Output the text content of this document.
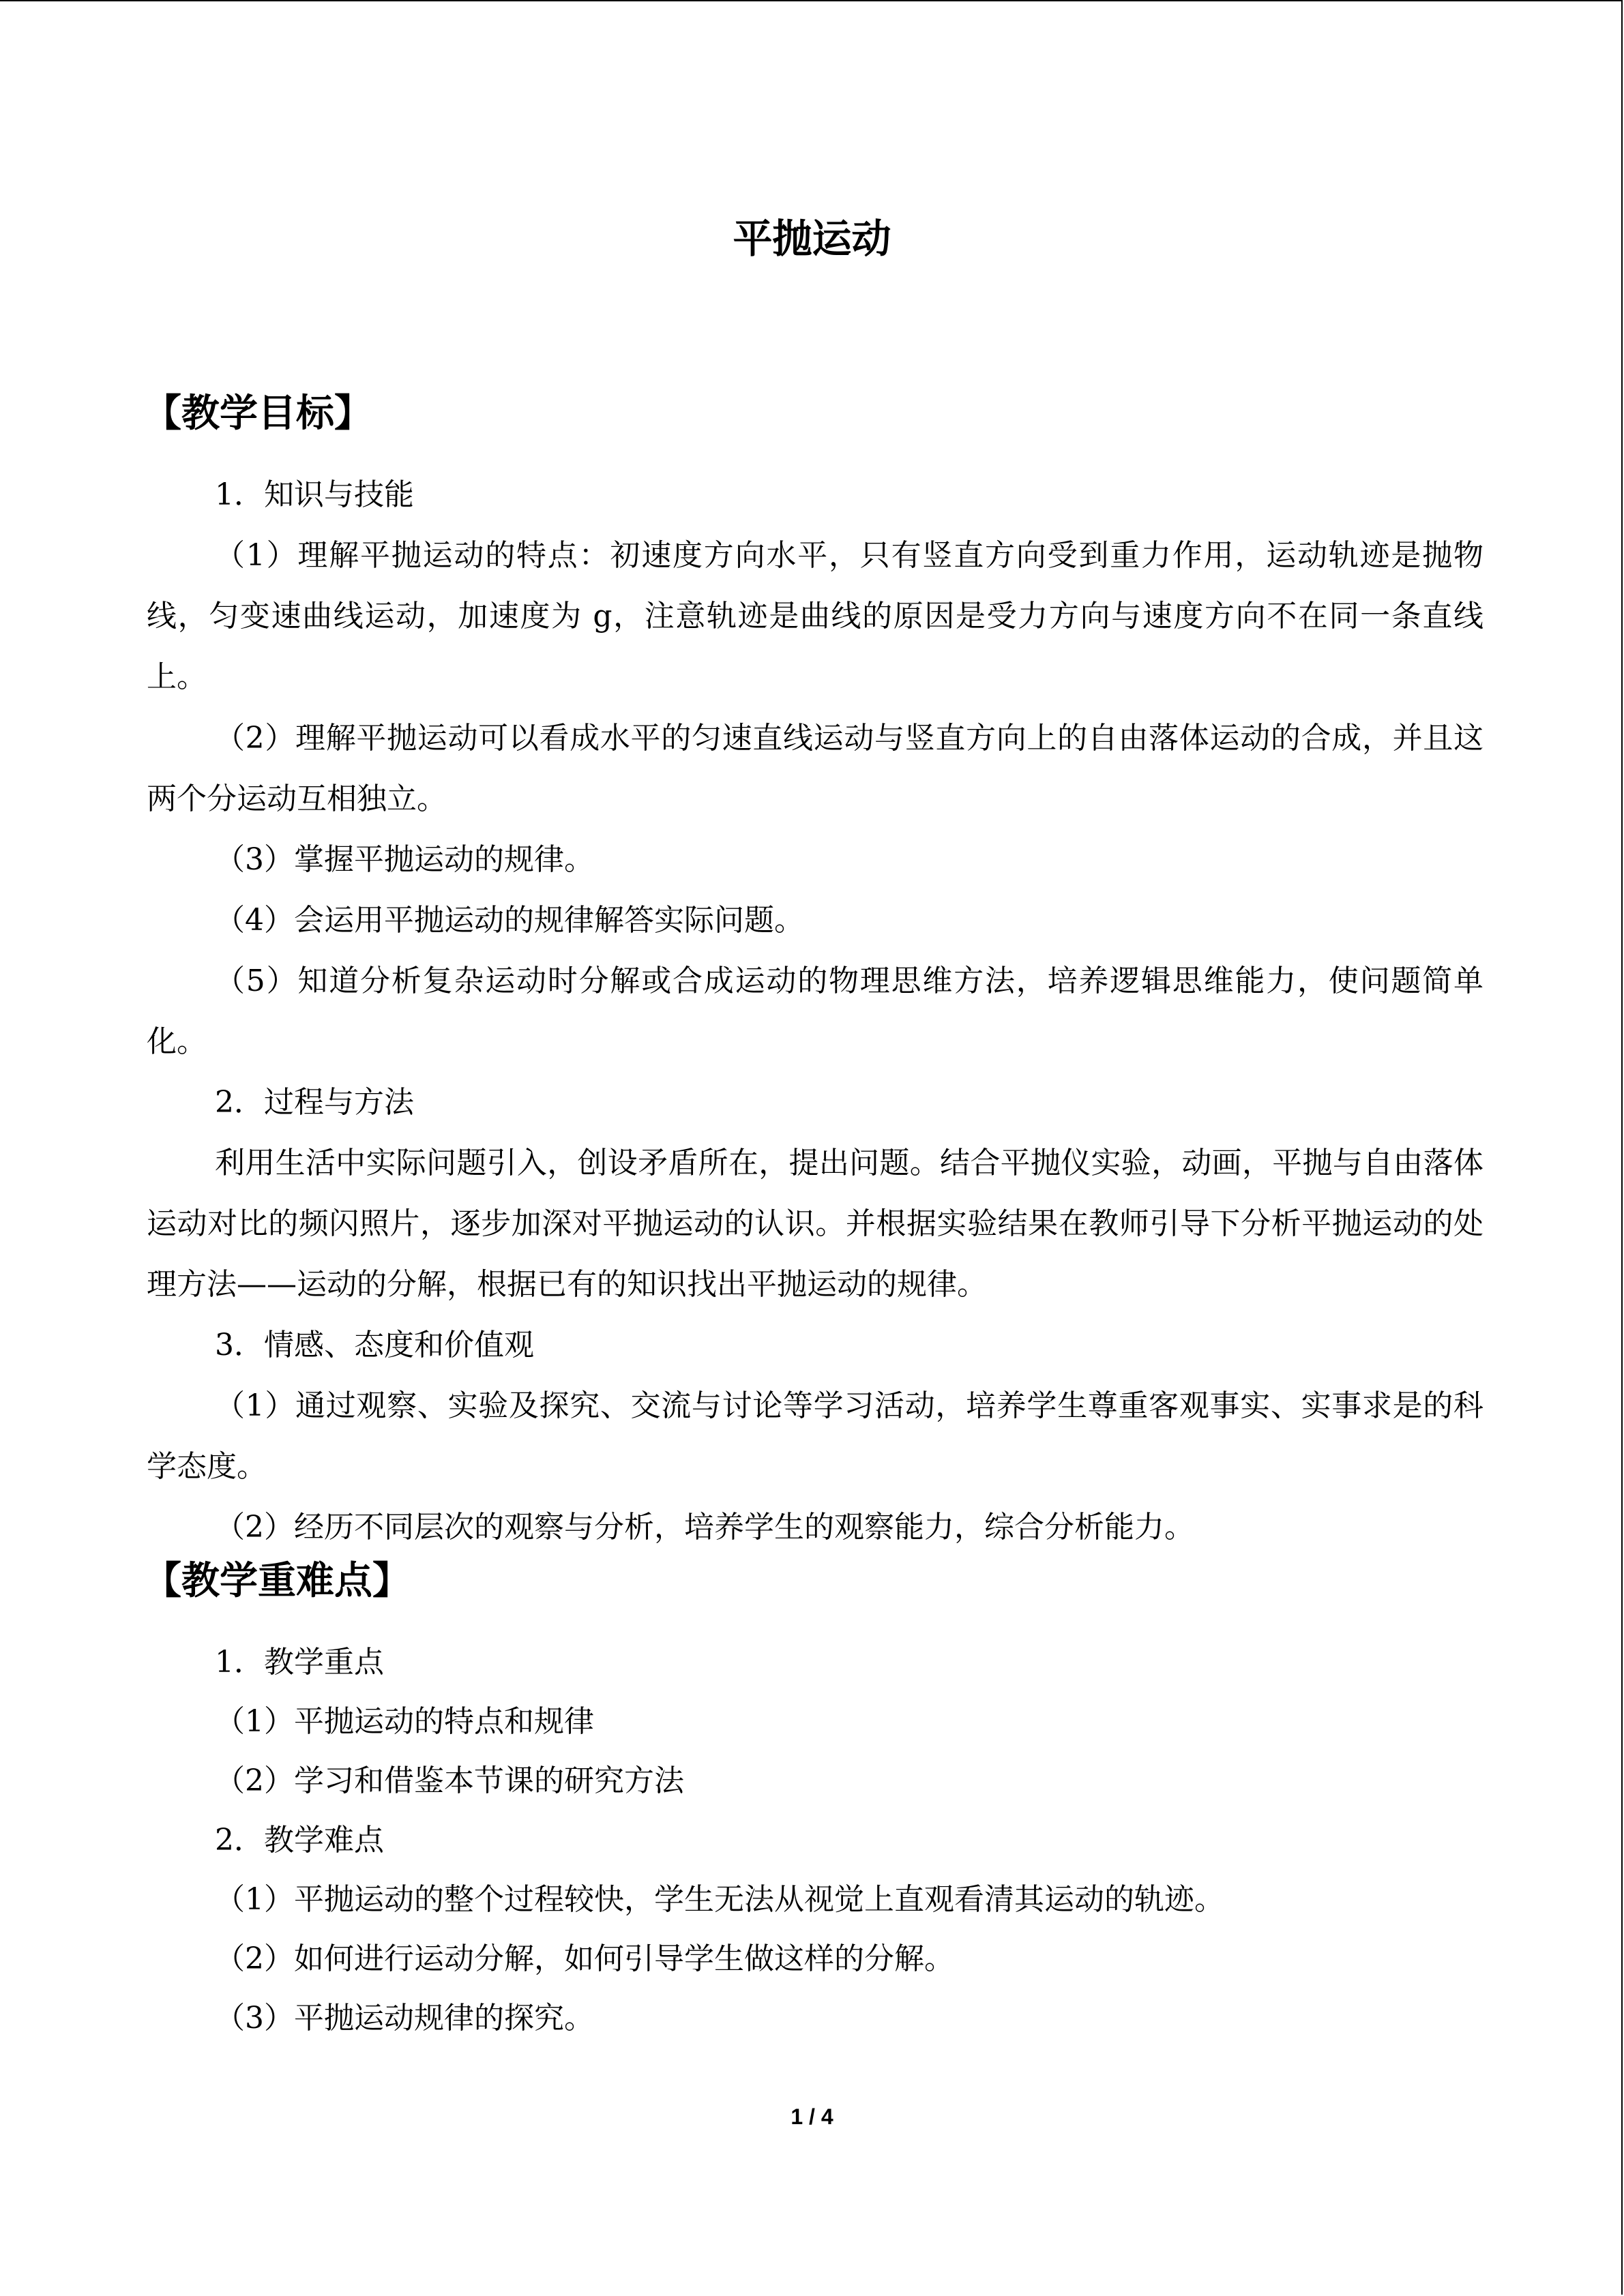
平抛运动
【教学目标】

1．知识与技能

（1）理解平抛运动的特点：初速度方向水平，只有竖直方向受到重力作用，运动轨迹是抛物线，匀变速曲线运动，加速度为 g，注意轨迹是曲线的原因是受力方向与速度方向不在同一条直线上。

（2）理解平抛运动可以看成水平的匀速直线运动与竖直方向上的自由落体运动的合成，并且这两个分运动互相独立。

（3）掌握平抛运动的规律。

（4）会运用平抛运动的规律解答实际问题。

（5）知道分析复杂运动时分解或合成运动的物理思维方法，培养逻辑思维能力，使问题简单化。

2．过程与方法

利用生活中实际问题引入，创设矛盾所在，提出问题。结合平抛仪实验，动画，平抛与自由落体运动对比的频闪照片，逐步加深对平抛运动的认识。并根据实验结果在教师引导下分析平抛运动的处理方法——运动的分解，根据已有的知识找出平抛运动的规律。

3．情感、态度和价值观

（1）通过观察、实验及探究、交流与讨论等学习活动，培养学生尊重客观事实、实事求是的科学态度。

（2）经历不同层次的观察与分析，培养学生的观察能力，综合分析能力。

【教学重难点】

1．教学重点

（1）平抛运动的特点和规律

（2）学习和借鉴本节课的研究方法

2．教学难点

（1）平抛运动的整个过程较快，学生无法从视觉上直观看清其运动的轨迹。

（2）如何进行运动分解，如何引导学生做这样的分解。

（3）平抛运动规律的探究。

1 / 4
